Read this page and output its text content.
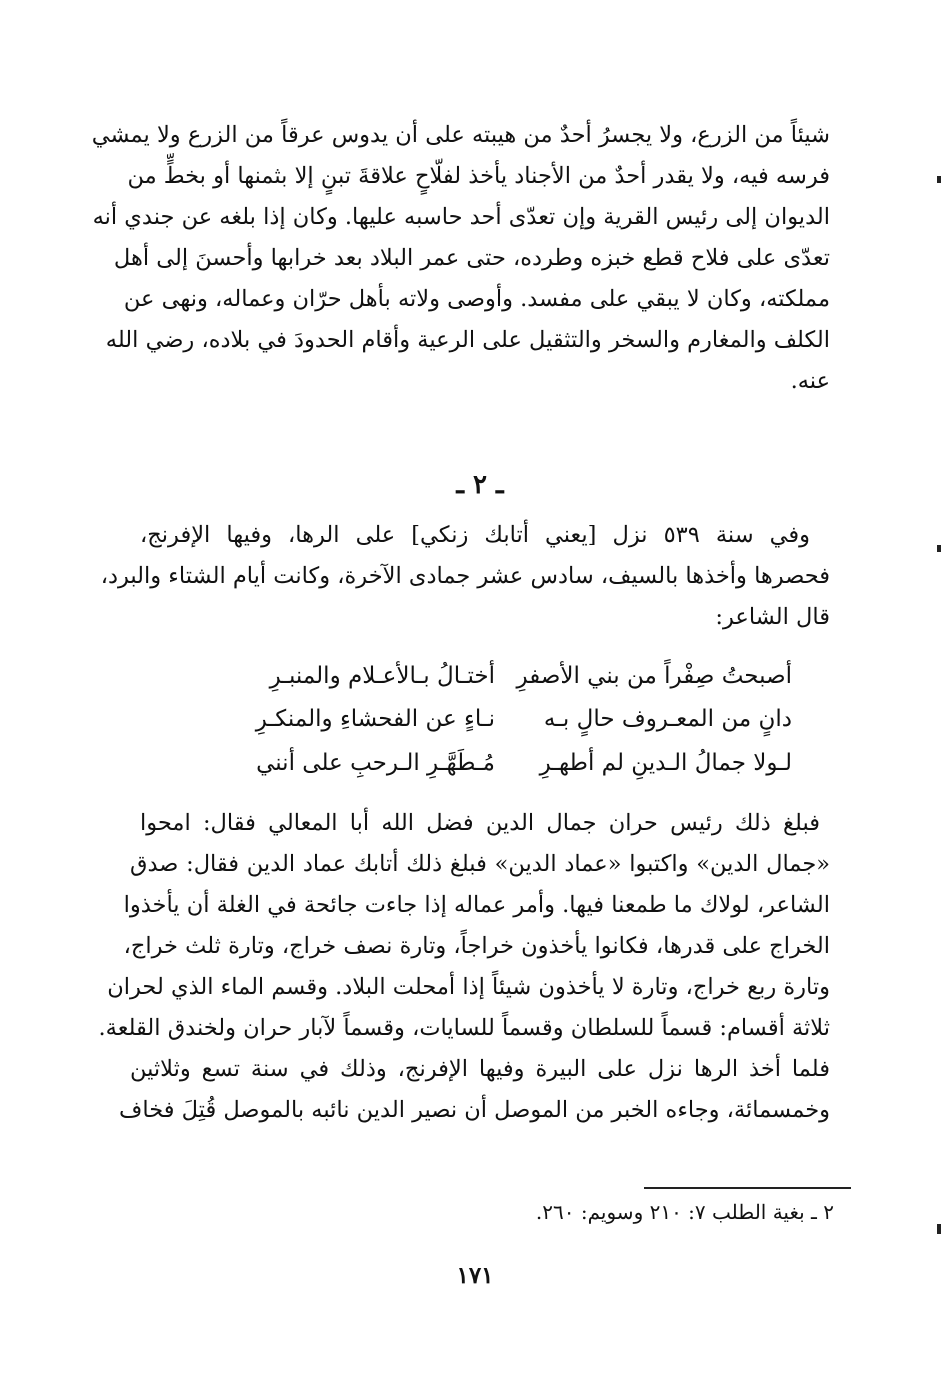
شيئاً من الزرع، ولا يجسرُ أحدٌ من هيبته على أن يدوس عرقاً من الزرع ولا يمشي
فرسه فيه، ولا يقدر أحدٌ من الأجناد يأخذ لفلّاحٍ علاقةَ تبنٍ إلا بثمنها أو بخطٍّ من
الديوان إلى رئيس القرية وإن تعدّى أحد حاسبه عليها. وكان إذا بلغه عن جندي أنه
تعدّى على فلاح قطع خبزه وطرده، حتى عمر البلاد بعد خرابها وأحسنَ إلى أهل
مملكته، وكان لا يبقي على مفسد. وأوصى ولاته بأهل حرّان وعماله، ونهى عن
الكلف والمغارم والسخر والتثقيل على الرعية وأقام الحدودَ في بلاده، رضي الله
عنه.
ـ ٢ ـ
وفي سنة ٥٣٩ نزل [يعني أتابك زنكي] على الرها، وفيها الإفرنج،
فحصرها وأخذها بالسيف، سادس عشر جمادى الآخرة، وكانت أيام الشتاء والبرد،
قال الشاعر:
أصبحتُ صِفْراً من بني الأصفرِ
أختـالُ بـالأعـلام والمنبـرِ
دانٍ من المعـروف حالٍ بـه
نـاءٍ عن الفحشاءِ والمنكـرِ
لـولا جمالُ الـدينِ لم أطهـرِ
مُـطَهَّـرِ الـرحبِ على أنني
فبلغ ذلك رئيس حران جمال الدين فضل الله أبا المعالي فقال: امحوا
«جمال الدين» واكتبوا «عماد الدين» فبلغ ذلك أتابك عماد الدين فقال: صدق
الشاعر، لولاك ما طمعنا فيها. وأمر عماله إذا جاءت جائحة في الغلة أن يأخذوا
الخراج على قدرها، فكانوا يأخذون خراجاً، وتارة نصف خراج، وتارة ثلث خراج،
وتارة ربع خراج، وتارة لا يأخذون شيئاً إذا أمحلت البلاد. وقسم الماء الذي لحران
ثلاثة أقسام: قسماً للسلطان وقسماً للسايات، وقسماً لآبار حران ولخندق القلعة.
فلما أخذ الرها نزل على البيرة وفيها الإفرنج، وذلك في سنة تسع وثلاثين
وخمسمائة، وجاءه الخبر من الموصل أن نصير الدين نائبه بالموصل قُتِلَ فخاف
٢ ـ بغية الطلب ٧: ٢١٠ وسويم: ٢٦٠.
١٧١
